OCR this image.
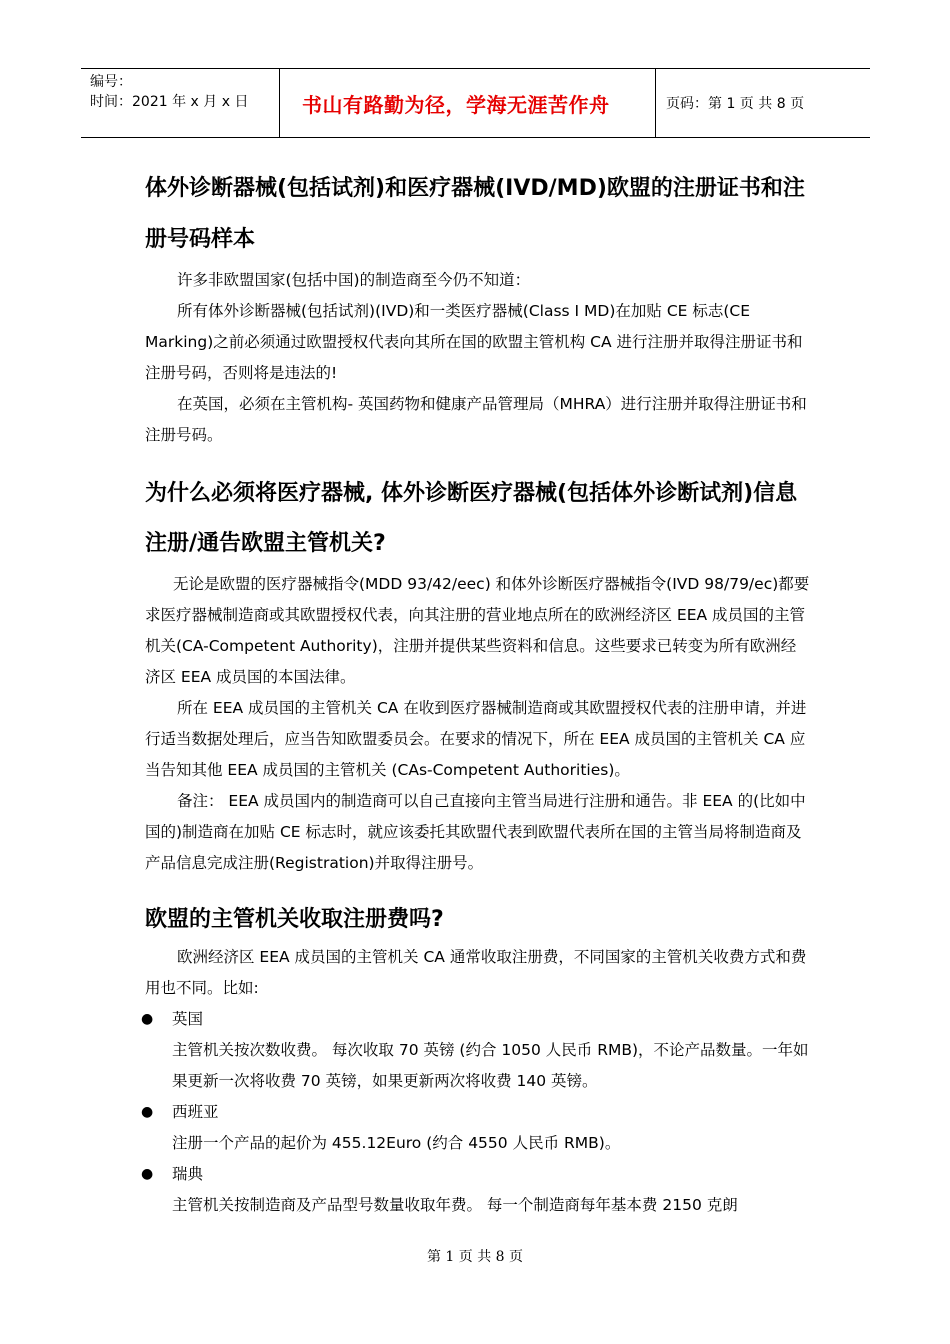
编号：
时间：2021 年 x 月 x 日	书山有路勤为径，学海无涯苦作舟	页码：第 1 页 共 8 页
体外诊断器械(包括试剂)和医疗器械(IVD/MD)欧盟的注册证书和注
册号码样本

许多非欧盟国家(包括中国)的制造商至今仍不知道：

所有体外诊断器械(包括试剂)(IVD)和一类医疗器械(Class I MD)在加贴 CE 标志(CE Marking)之前必须通过欧盟授权代表向其所在国的欧盟主管机构 CA 进行注册并取得注册证书和注册号码，否则将是违法的!

在英国，必须在主管机构- 英国药物和健康产品管理局（MHRA）进行注册并取得注册证书和注册号码。

为什么必须将医疗器械, 体外诊断医疗器械(包括体外诊断试剂)信息
注册/通告欧盟主管机关?

无论是欧盟的医疗器械指令(MDD 93/42/eec) 和体外诊断医疗器械指令(IVD 98/79/ec)都要求医疗器械制造商或其欧盟授权代表，向其注册的营业地点所在的欧洲经济区 EEA 成员国的主管机关(CA-Competent Authority)，注册并提供某些资料和信息。这些要求已转变为所有欧洲经济区 EEA 成员国的本国法律。

所在 EEA 成员国的主管机关 CA 在收到医疗器械制造商或其欧盟授权代表的注册申请，并进行适当数据处理后，应当告知欧盟委员会。在要求的情况下，所在 EEA 成员国的主管机关 CA 应当告知其他 EEA 成员国的主管机关 (CAs-Competent Authorities)。

备注： EEA 成员国内的制造商可以自己直接向主管当局进行注册和通告。非 EEA 的(比如中国的)制造商在加贴 CE 标志时，就应该委托其欧盟代表到欧盟代表所在国的主管当局将制造商及产品信息完成注册(Registration)并取得注册号。

欧盟的主管机关收取注册费吗?

欧洲经济区 EEA 成员国的主管机关 CA 通常收取注册费，不同国家的主管机关收费方式和费用也不同。比如:

●	英国
主管机关按次数收费。 每次收取 70 英镑 (约合 1050 人民币 RMB)，不论产品数量。一年如果更新一次将收费 70 英镑，如果更新两次将收费 140 英镑。
●	西班亚
注册一个产品的起价为 455.12Euro (约合 4550 人民币 RMB)。
●	瑞典
主管机关按制造商及产品型号数量收取年费。 每一个制造商每年基本费 2150 克朗
第 1 页 共 8 页
